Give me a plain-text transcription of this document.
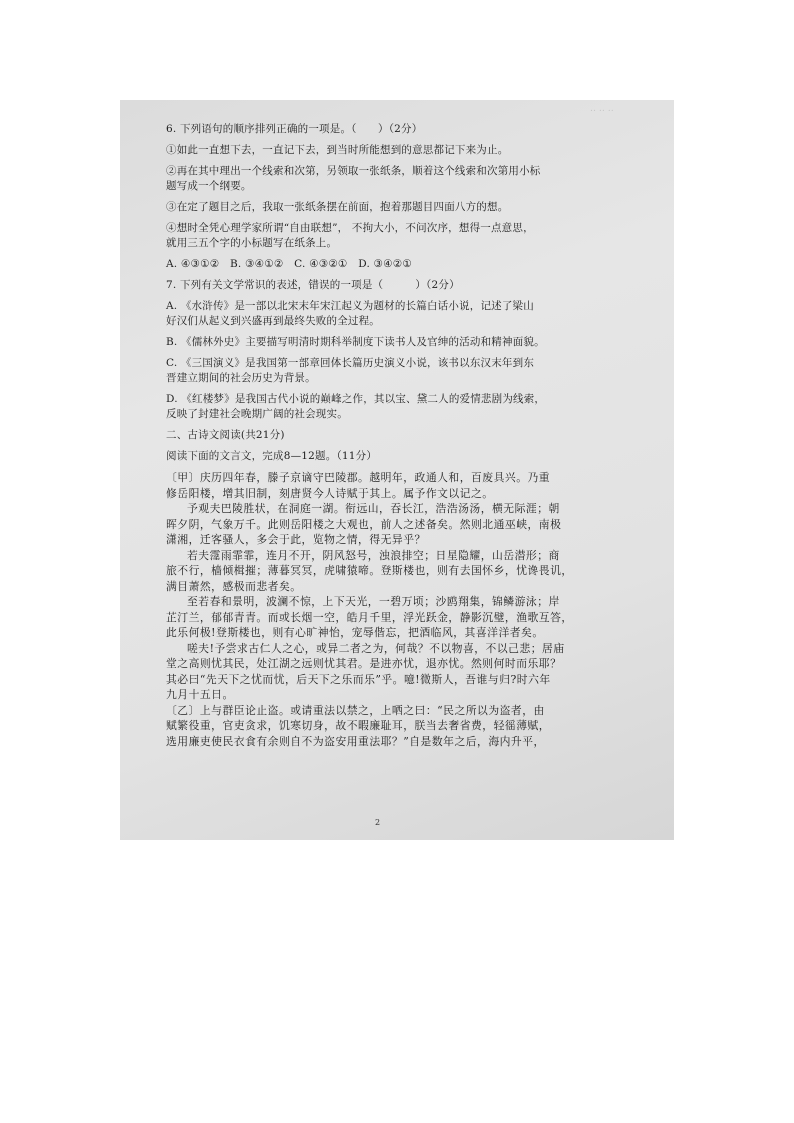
‥ ‥ ‥

6. 下列语句的顺序排列正确的一项是。（　　）（2分）

①如此一直想下去，一直记下去，到当时所能想到的意思都记下来为止。

②再在其中理出一个线索和次第，另领取一张纸条，顺着这个线索和次第用小标

题写成一个纲要。

③在定了题目之后，我取一张纸条摆在前面，抱着那题目四面八方的想。

④想时全凭心理学家所谓“自由联想”， 不拘大小，不问次序，想得一点意思，

就用三五个字的小标题写在纸条上。

A. ④③①②　B. ③④①②　C. ④③②①　D. ③④②①

7. 下列有关文学常识的表述，错误的一项是（　　　）（2分）

A. 《水浒传》是一部以北宋末年宋江起义为题材的长篇白话小说，记述了梁山

好汉们从起义到兴盛再到最终失败的全过程。

B. 《儒林外史》主要描写明清时期科举制度下读书人及官绅的活动和精神面貌。

C. 《三国演义》是我国第一部章回体长篇历史演义小说，该书以东汉末年到东

晋建立期间的社会历史为背景。

D. 《红楼梦》是我国古代小说的巅峰之作，其以宝、黛二人的爱情悲剧为线索，

反映了封建社会晚期广阔的社会现实。

二、古诗文阅读(共21分)

阅读下面的文言文，完成8—12题。（11分）

〔甲〕庆历四年春，滕子京谪守巴陵郡。越明年，政通人和，百废具兴。乃重

修岳阳楼，增其旧制，刻唐贤今人诗赋于其上。属予作文以记之。

予观夫巴陵胜状，在洞庭一湖。衔远山，吞长江，浩浩汤汤，横无际涯；朝

晖夕阴，气象万千。此则岳阳楼之大观也，前人之述备矣。然则北通巫峡，南极

潇湘，迁客骚人，多会于此，览物之情，得无异乎？

若夫霪雨霏霏，连月不开，阴风怒号，浊浪排空；日星隐耀，山岳潜形；商

旅不行，樯倾楫摧；薄暮冥冥，虎啸猿啼。登斯楼也，则有去国怀乡，忧谗畏讥，

满目萧然，感极而悲者矣。

至若春和景明，波澜不惊，上下天光，一碧万顷；沙鸥翔集，锦鳞游泳；岸

芷汀兰，郁郁青青。而或长烟一空，皓月千里，浮光跃金，静影沉璧，渔歌互答，

此乐何极!登斯楼也，则有心旷神怡，宠辱偕忘，把酒临风，其喜洋洋者矣。

嗟夫!予尝求古仁人之心，或异二者之为，何哉？不以物喜，不以己悲；居庙

堂之高则忧其民，处江湖之远则忧其君。是进亦忧，退亦忧。然则何时而乐耶？

其必曰“先天下之忧而忧，后天下之乐而乐”乎。噫!微斯人，吾谁与归?时六年

九月十五日。

〔乙〕上与群臣论止盗。或请重法以禁之，上哂之曰：“民之所以为盗者，由

赋繁役重，官吏贪求，饥寒切身，故不暇廉耻耳，朕当去奢省费，轻徭薄赋，

选用廉吏使民衣食有余则自不为盗安用重法耶？”自是数年之后，海内升平，

2
